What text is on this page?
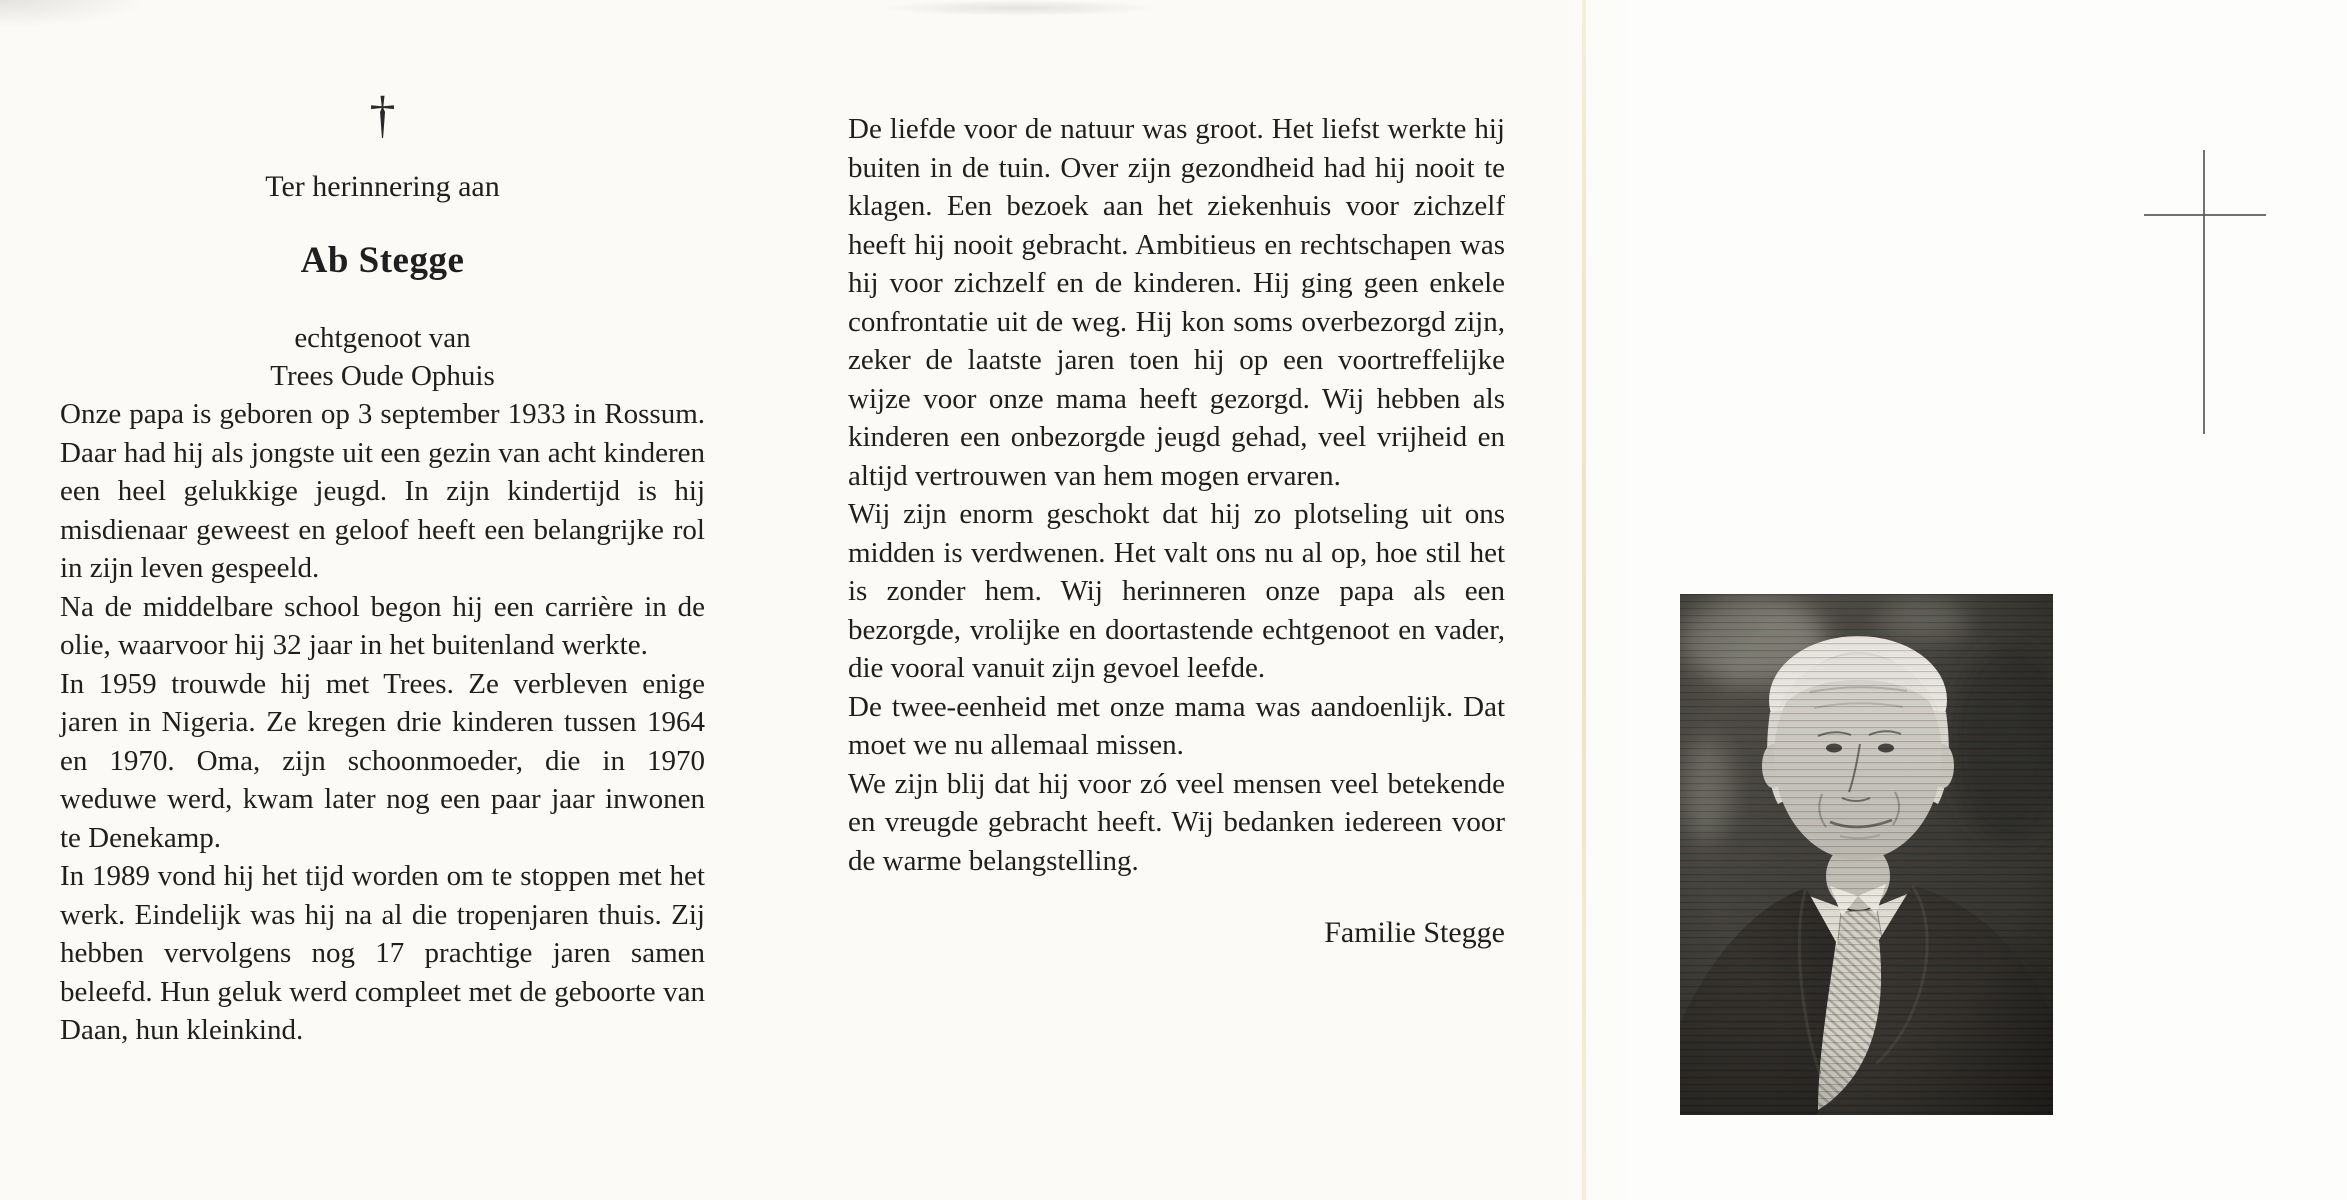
†
Ter herinnering aan
Ab Stegge
echtgenoot van
Trees Oude Ophuis

Onze papa is geboren op 3 september 1933 in Rossum. Daar had hij als jongste uit een gezin van acht kinderen een heel gelukkige jeugd. In zijn kindertijd is hij misdienaar geweest en geloof heeft een belangrijke rol in zijn leven gespeeld.

Na de middelbare school begon hij een carrière in de olie, waarvoor hij 32 jaar in het buitenland werkte.

In 1959 trouwde hij met Trees. Ze verbleven enige jaren in Nigeria. Ze kregen drie kinderen tussen 1964 en 1970. Oma, zijn schoonmoeder, die in 1970 weduwe werd, kwam later nog een paar jaar inwonen te Denekamp.

In 1989 vond hij het tijd worden om te stoppen met het werk. Eindelijk was hij na al die tropenjaren thuis. Zij hebben vervolgens nog 17 prachtige jaren samen beleefd. Hun geluk werd compleet met de geboorte van Daan, hun kleinkind.

De liefde voor de natuur was groot. Het liefst werkte hij buiten in de tuin. Over zijn gezondheid had hij nooit te klagen. Een bezoek aan het ziekenhuis voor zichzelf heeft hij nooit gebracht. Ambitieus en rechtschapen was hij voor zichzelf en de kinderen. Hij ging geen enkele confrontatie uit de weg. Hij kon soms overbezorgd zijn, zeker de laatste jaren toen hij op een voortreffelijke wijze voor onze mama heeft gezorgd. Wij hebben als kinderen een onbezorgde jeugd gehad, veel vrijheid en altijd vertrouwen van hem mogen ervaren.

Wij zijn enorm geschokt dat hij zo plotseling uit ons midden is verdwenen. Het valt ons nu al op, hoe stil het is zonder hem. Wij herinneren onze papa als een bezorgde, vrolijke en doortastende echtgenoot en vader, die vooral vanuit zijn gevoel leefde.

De twee-eenheid met onze mama was aandoenlijk. Dat moet we nu allemaal missen.

We zijn blij dat hij voor zó veel mensen veel betekende en vreugde gebracht heeft. Wij bedanken iedereen voor de warme belangstelling.

Familie Stegge
